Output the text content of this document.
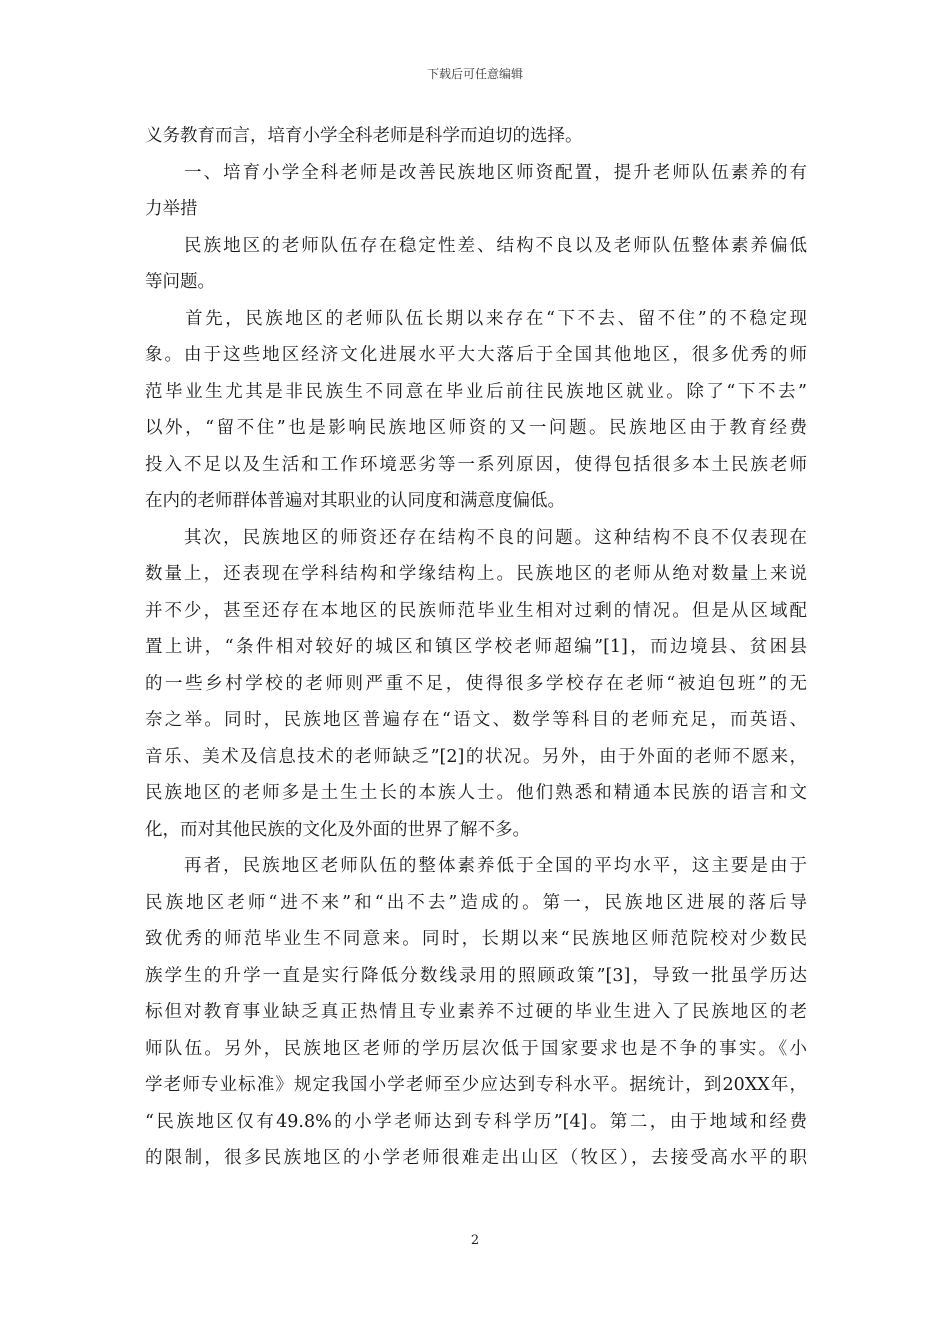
下载后可任意编辑
义务教育而言，培育小学全科老师是科学而迫切的选择。
　　一、培育小学全科老师是改善民族地区师资配置，提升老师队伍素养的有
力举措
　　民族地区的老师队伍存在稳定性差、结构不良以及老师队伍整体素养偏低
等问题。
　　首先，民族地区的老师队伍长期以来存在“下不去、留不住”的不稳定现
象。由于这些地区经济文化进展水平大大落后于全国其他地区，很多优秀的师
范毕业生尤其是非民族生不同意在毕业后前往民族地区就业。除了“下不去”
以外，“留不住”也是影响民族地区师资的又一问题。民族地区由于教育经费
投入不足以及生活和工作环境恶劣等一系列原因，使得包括很多本土民族老师
在内的老师群体普遍对其职业的认同度和满意度偏低。
　　其次，民族地区的师资还存在结构不良的问题。这种结构不良不仅表现在
数量上，还表现在学科结构和学缘结构上。民族地区的老师从绝对数量上来说
并不少，甚至还存在本地区的民族师范毕业生相对过剩的情况。但是从区域配
置上讲，“条件相对较好的城区和镇区学校老师超编”[1]，而边境县、贫困县
的一些乡村学校的老师则严重不足，使得很多学校存在老师“被迫包班”的无
奈之举。同时，民族地区普遍存在“语文、数学等科目的老师充足，而英语、
音乐、美术及信息技术的老师缺乏”[2]的状况。另外，由于外面的老师不愿来，
民族地区的老师多是土生土长的本族人士。他们熟悉和精通本民族的语言和文
化，而对其他民族的文化及外面的世界了解不多。
　　再者，民族地区老师队伍的整体素养低于全国的平均水平，这主要是由于
民族地区老师“进不来”和“出不去”造成的。第一，民族地区进展的落后导
致优秀的师范毕业生不同意来。同时，长期以来“民族地区师范院校对少数民
族学生的升学一直是实行降低分数线录用的照顾政策”[3]，导致一批虽学历达
标但对教育事业缺乏真正热情且专业素养不过硬的毕业生进入了民族地区的老
师队伍。另外，民族地区老师的学历层次低于国家要求也是不争的事实。《小
学老师专业标准》规定我国小学老师至少应达到专科水平。据统计，到20XX年，
“民族地区仅有49.8%的小学老师达到专科学历”[4]。第二，由于地域和经费
的限制，很多民族地区的小学老师很难走出山区（牧区），去接受高水平的职
2
